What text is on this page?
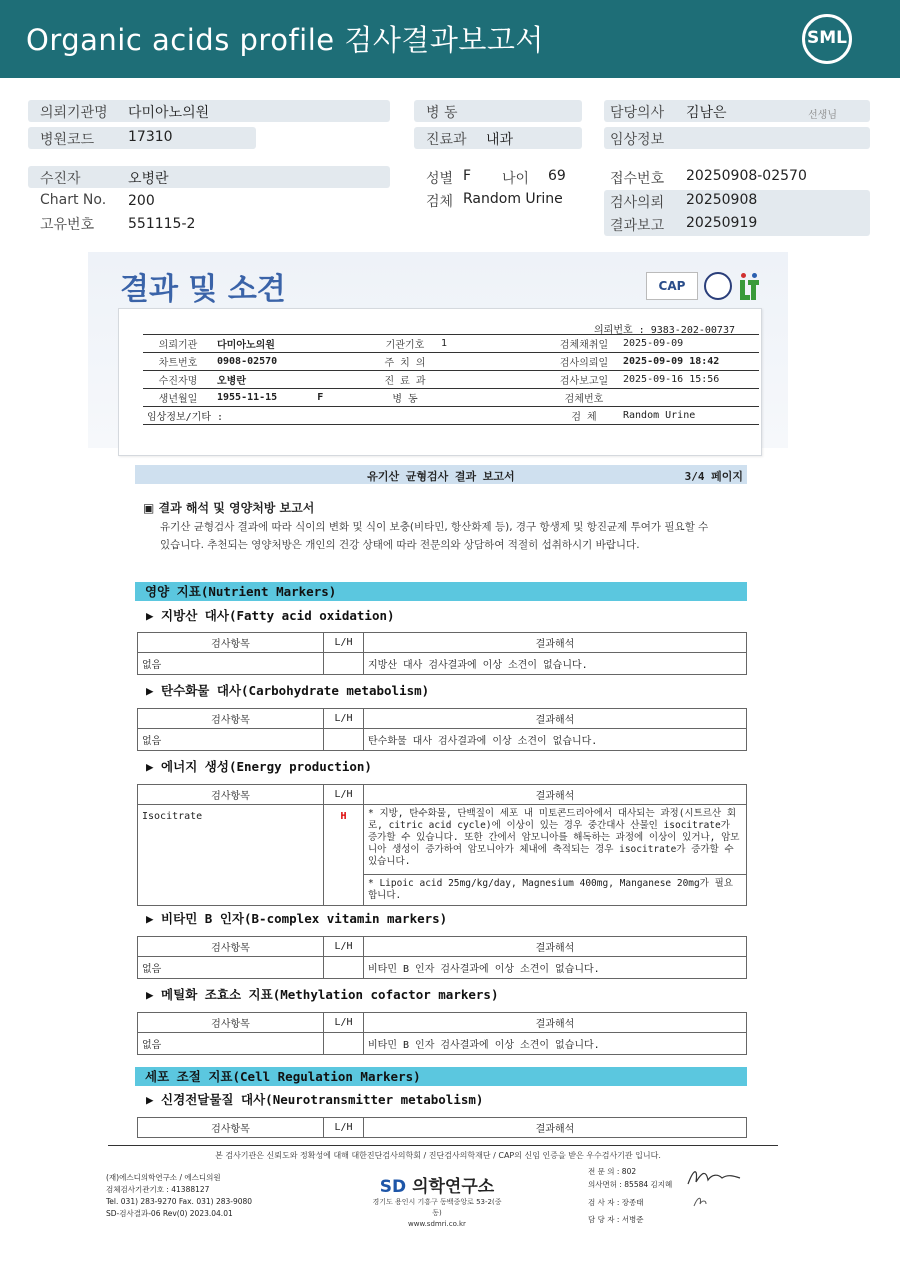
Organic acids profile 검사결과보고서	SML
의뢰기관명 다미아노의원
병원코드 17310
병 동
진료과 내과
담당의사 김남은	선생님
임상정보
수진자	오병란
Chart No. 200
고유번호 551115-2
성별 F 나이 69
검체 Random Urine
접수번호 20250908-02570
검사의뢰 20250908
결과보고 20250919
결과 및 소견	CAP
의뢰번호 : 9383-202-00737
의뢰기관	다미아노의원	기관기호	1	검체채취일	2025-09-09
차트번호	0908-02570	주 치 의		검사의뢰일	2025-09-09 18:42
수진자명	오병란	진 료 과		검사보고일	2025-09-16 15:56
생년월일	1955-11-15 F	병 동		검체번호	
임상정보/기타 :				검 체	Random Urine
유기산 균형검사 결과 보고서	3/4 페이지
▣ 결과 해석 및 영양처방 보고서
유기산 균형검사 결과에 따라 식이의 변화 및 식이 보충(비타민, 항산화제 등), 경구 항생제 및 항진균제 투여가 필요할 수 있습니다. 추천되는 영양처방은 개인의 건강 상태에 따라 전문의와 상담하여 적절히 섭취하시기 바랍니다.
영양 지표(Nutrient Markers)
▶ 지방산 대사(Fatty acid oxidation)
검사항목	L/H	결과해석
없음		지방산 대사 검사결과에 이상 소견이 없습니다.
▶ 탄수화물 대사(Carbohydrate metabolism)
검사항목	L/H	결과해석
없음		탄수화물 대사 검사결과에 이상 소견이 없습니다.
▶ 에너지 생성(Energy production)
검사항목	L/H	결과해석
Isocitrate	H	* 지방, 탄수화물, 단백질이 세포 내 미토콘드리아에서 대사되는 과정(시트르산 회로, citric acid cycle)에 이상이 있는 경우 중간대사 산물인 isocitrate가 증가할 수 있습니다. 또한 간에서 암모니아를 해독하는 과정에 이상이 있거나, 암모니아 생성이 증가하여 암모니아가 체내에 축적되는 경우 isocitrate가 증가할 수 있습니다.
		* Lipoic acid 25mg/kg/day, Magnesium 400mg, Manganese 20mg가 필요합니다.
▶ 비타민 B 인자(B-complex vitamin markers)
검사항목	L/H	결과해석
없음		비타민 B 인자 검사결과에 이상 소견이 없습니다.
▶ 메틸화 조효소 지표(Methylation cofactor markers)
검사항목	L/H	결과해석
없음		비타민 B 인자 검사결과에 이상 소견이 없습니다.
세포 조절 지표(Cell Regulation Markers)
▶ 신경전달물질 대사(Neurotransmitter metabolism)
검사항목	L/H	결과해석
본 검사기관은 신뢰도와 정확성에 대해 대한진단검사의학회 / 진단검사의학재단 / CAP의 신임 인증을 받은 우수검사기관 입니다.
(재)에스디의학연구소 / 에스디의원
검체검사기관기호 : 41388127
Tel. 031) 283-9270 Fax. 031) 283-9080
SD-검사결과-06 Rev(0) 2023.04.01
SD 의학연구소
경기도 용인시 기흥구 동백중앙로 53-2(중동)
www.sdmri.co.kr
전 문 의 : 802
의사면허 : 85584 김지혜
검 사 자 : 장종태
담 당 자 : 서병준
